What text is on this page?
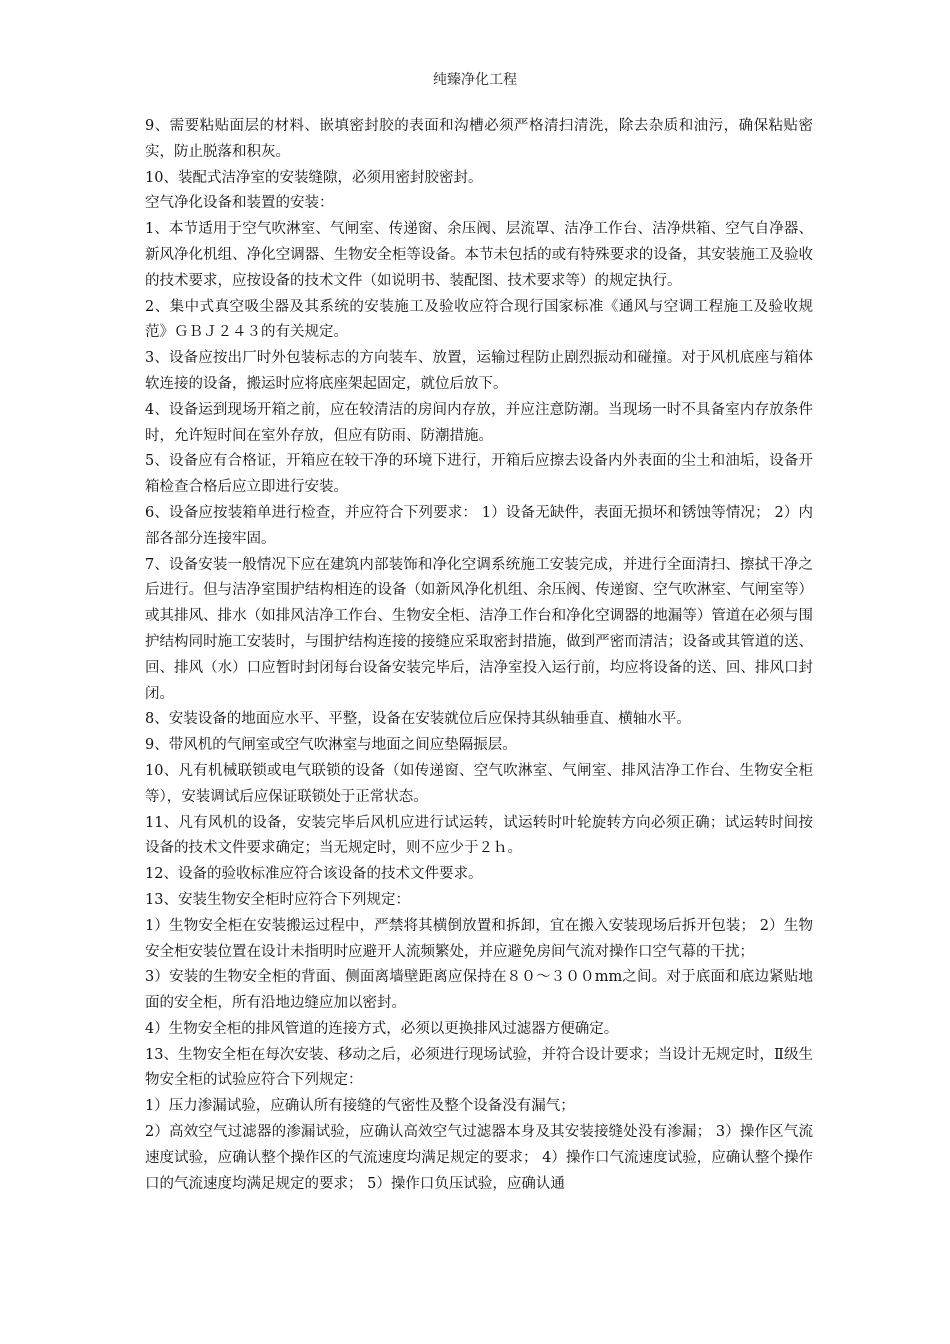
纯臻净化工程

9、需要粘贴面层的材料、嵌填密封胶的表面和沟槽必须严格清扫清洗，除去杂质和油污，确保粘贴密实，防止脱落和积灰。

10、装配式洁净室的安装缝隙，必须用密封胶密封。

空气净化设备和装置的安装：

1、本节适用于空气吹淋室、气闸室、传递窗、余压阀、层流罩、洁净工作台、洁净烘箱、空气自净器、新风净化机组、净化空调器、生物安全柜等设备。本节未包括的或有特殊要求的设备，其安装施工及验收的技术要求，应按设备的技术文件（如说明书、装配图、技术要求等）的规定执行。

2、集中式真空吸尘器及其系统的安装施工及验收应符合现行国家标准《通风与空调工程施工及验收规范》ＧＢＪ２４３的有关规定。

3、设备应按出厂时外包装标志的方向装车、放置，运输过程防止剧烈振动和碰撞。对于风机底座与箱体软连接的设备，搬运时应将底座架起固定，就位后放下。

4、设备运到现场开箱之前，应在较清洁的房间内存放，并应注意防潮。当现场一时不具备室内存放条件时，允许短时间在室外存放，但应有防雨、防潮措施。

5、设备应有合格证，开箱应在较干净的环境下进行，开箱后应擦去设备内外表面的尘土和油垢，设备开箱检查合格后应立即进行安装。

6、设备应按装箱单进行检查，并应符合下列要求： 1）设备无缺件，表面无损坏和锈蚀等情况； 2）内部各部分连接牢固。

7、设备安装一般情况下应在建筑内部装饰和净化空调系统施工安装完成，并进行全面清扫、擦拭干净之后进行。但与洁净室围护结构相连的设备（如新风净化机组、余压阀、传递窗、空气吹淋室、气闸室等）或其排风、排水（如排风洁净工作台、生物安全柜、洁净工作台和净化空调器的地漏等）管道在必须与围护结构同时施工安装时，与围护结构连接的接缝应采取密封措施，做到严密而清洁；设备或其管道的送、回、排风（水）口应暂时封闭每台设备安装完毕后，洁净室投入运行前，均应将设备的送、回、排风口封闭。

8、安装设备的地面应水平、平整，设备在安装就位后应保持其纵轴垂直、横轴水平。

9、带风机的气闸室或空气吹淋室与地面之间应垫隔振层。

10、凡有机械联锁或电气联锁的设备（如传递窗、空气吹淋室、气闸室、排风洁净工作台、生物安全柜等），安装调试后应保证联锁处于正常状态。

11、凡有风机的设备，安装完毕后风机应进行试运转，试运转时叶轮旋转方向必须正确；试运转时间按设备的技术文件要求确定；当无规定时，则不应少于２ｈ。

12、设备的验收标准应符合该设备的技术文件要求。

13、安装生物安全柜时应符合下列规定：

1）生物安全柜在安装搬运过程中，严禁将其横倒放置和拆卸，宜在搬入安装现场后拆开包装； 2）生物安全柜安装位置在设计未指明时应避开人流频繁处，并应避免房间气流对操作口空气幕的干扰；

3）安装的生物安全柜的背面、侧面离墙壁距离应保持在８０～３００mm之间。对于底面和底边紧贴地面的安全柜，所有沿地边缝应加以密封。

4）生物安全柜的排风管道的连接方式，必须以更换排风过滤器方便确定。

13、生物安全柜在每次安装、移动之后，必须进行现场试验，并符合设计要求；当设计无规定时，Ⅱ级生物安全柜的试验应符合下列规定：

1）压力渗漏试验，应确认所有接缝的气密性及整个设备没有漏气；

2）高效空气过滤器的渗漏试验，应确认高效空气过滤器本身及其安装接缝处没有渗漏； 3）操作区气流速度试验，应确认整个操作区的气流速度均满足规定的要求； 4）操作口气流速度试验，应确认整个操作口的气流速度均满足规定的要求； 5）操作口负压试验，应确认通
